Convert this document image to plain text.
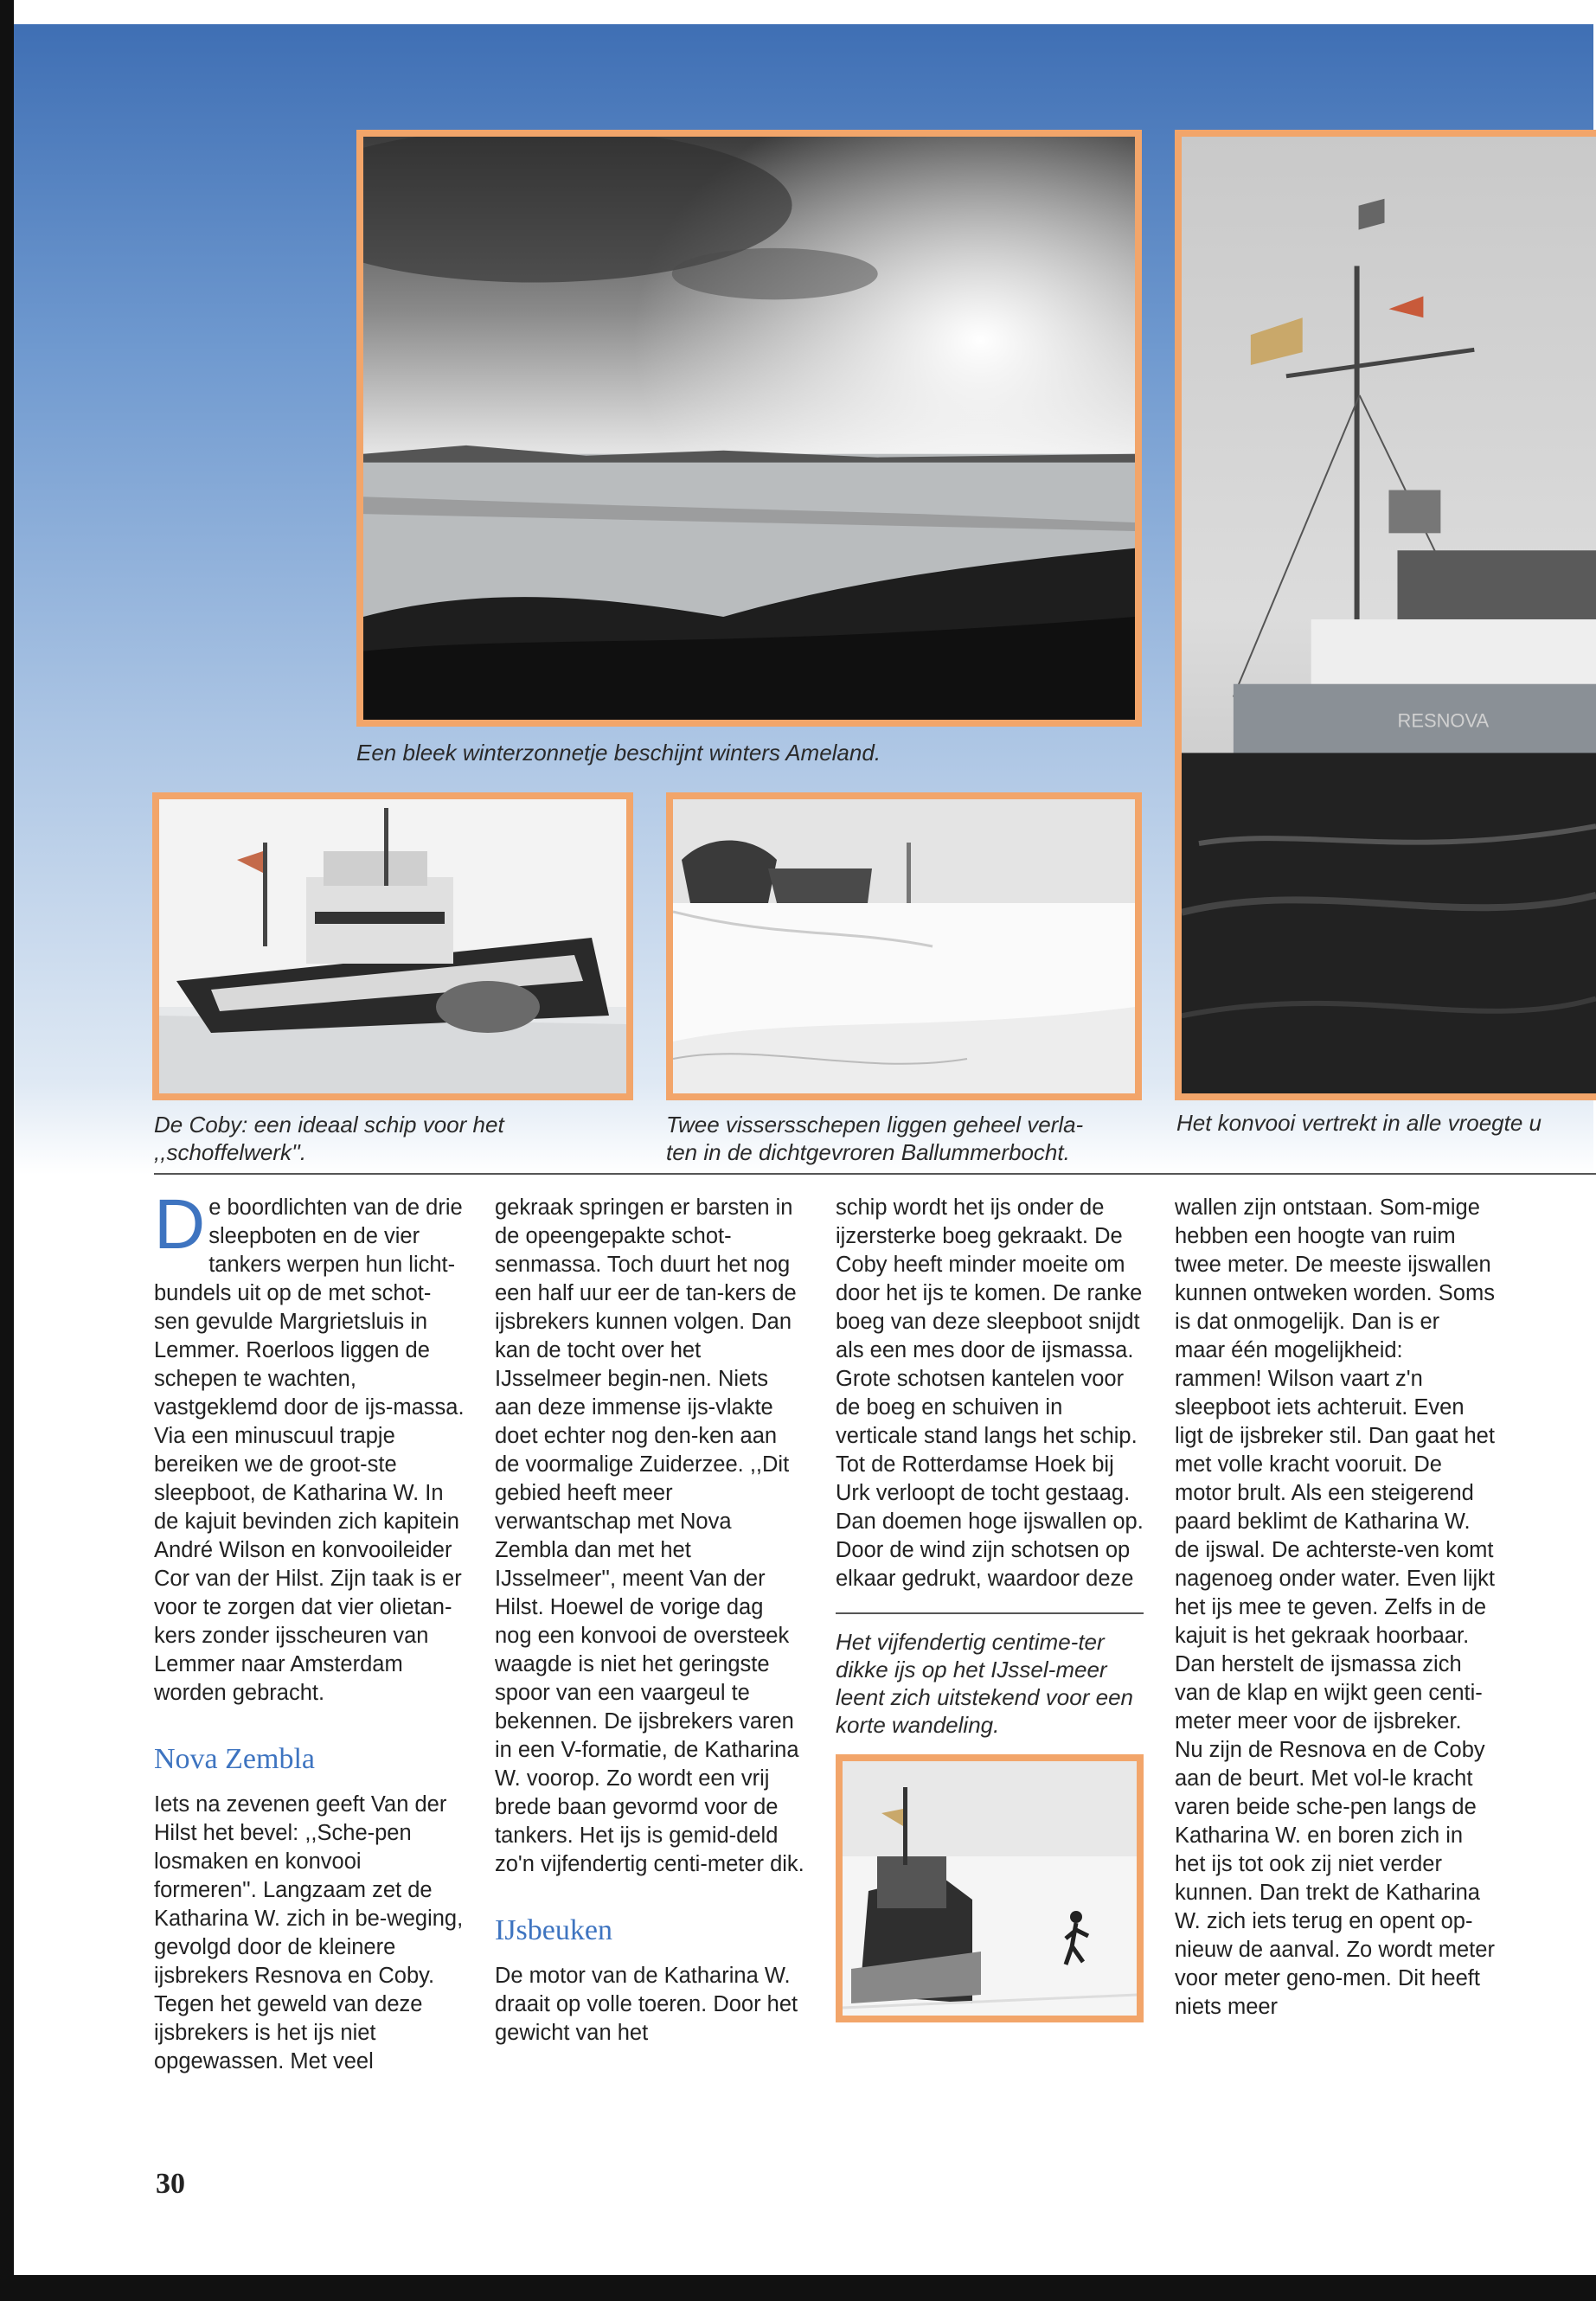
Een bleek winterzonnetje beschijnt winters Ameland.
RESNOVA
Het konvooi vertrekt in alle vroegte u
De Coby: een ideaal schip voor het
,,schoffelwerk''.
Twee vissersschepen liggen geheel verla-
ten in de dichtgevroren Ballummerbocht.

De boordlichten van de drie sleepboten en de vier tankers werpen hun licht-bundels uit op de met schot-sen gevulde Margrietsluis in Lemmer. Roerloos liggen de schepen te wachten, vastgeklemd door de ijs-massa. Via een minuscuul trapje bereiken we de groot-ste sleepboot, de Katharina W. In de kajuit bevinden zich kapitein André Wilson en konvooileider Cor van der Hilst. Zijn taak is er voor te zorgen dat vier olietan-kers zonder ijsscheuren van Lemmer naar Amsterdam worden gebracht.

Nova Zembla

Iets na zevenen geeft Van der Hilst het bevel: ,,Sche-pen losmaken en konvooi formeren''. Langzaam zet de Katharina W. zich in be-weging, gevolgd door de kleinere ijsbrekers Resnova en Coby. Tegen het geweld van deze ijsbrekers is het ijs niet opgewassen. Met veel

gekraak springen er barsten in de opeengepakte schot-senmassa. Toch duurt het nog een half uur eer de tan-kers de ijsbrekers kunnen volgen. Dan kan de tocht over het IJsselmeer begin-nen. Niets aan deze immense ijs-vlakte doet echter nog den-ken aan de voormalige Zuiderzee. ,,Dit gebied heeft meer verwantschap met Nova Zembla dan met het IJsselmeer'', meent Van der Hilst. Hoewel de vorige dag nog een konvooi de oversteek waagde is niet het geringste spoor van een vaargeul te bekennen. De ijsbrekers varen in een V-formatie, de Katharina W. voorop. Zo wordt een vrij brede baan gevormd voor de tankers. Het ijs is gemid-deld zo'n vijfendertig centi-meter dik.

IJsbeuken

De motor van de Katharina W. draait op volle toeren. Door het gewicht van het

schip wordt het ijs onder de ijzersterke boeg gekraakt. De Coby heeft minder moeite om door het ijs te komen. De ranke boeg van deze sleepboot snijdt als een mes door de ijsmassa. Grote schotsen kantelen voor de boeg en schuiven in verticale stand langs het schip. Tot de Rotterdamse Hoek bij Urk verloopt de tocht gestaag. Dan doemen hoge ijswallen op. Door de wind zijn schotsen op elkaar gedrukt, waardoor deze

Het vijfendertig centime-ter dikke ijs op het IJssel-meer leent zich uitstekend voor een korte wandeling.

wallen zijn ontstaan. Som-mige hebben een hoogte van ruim twee meter. De meeste ijswallen kunnen ontweken worden. Soms is dat onmogelijk. Dan is er maar één mogelijkheid: rammen! Wilson vaart z'n sleepboot iets achteruit. Even ligt de ijsbreker stil. Dan gaat het met volle kracht vooruit. De motor brult. Als een steigerend paard beklimt de Katharina W. de ijswal. De achterste-ven komt nagenoeg onder water. Even lijkt het ijs mee te geven. Zelfs in de kajuit is het gekraak hoorbaar. Dan herstelt de ijsmassa zich van de klap en wijkt geen centi-meter meer voor de ijsbreker. Nu zijn de Resnova en de Coby aan de beurt. Met vol-le kracht varen beide sche-pen langs de Katharina W. en boren zich in het ijs tot ook zij niet verder kunnen. Dan trekt de Katharina W. zich iets terug en opent op-nieuw de aanval. Zo wordt meter voor meter geno-men. Dit heeft niets meer

30
